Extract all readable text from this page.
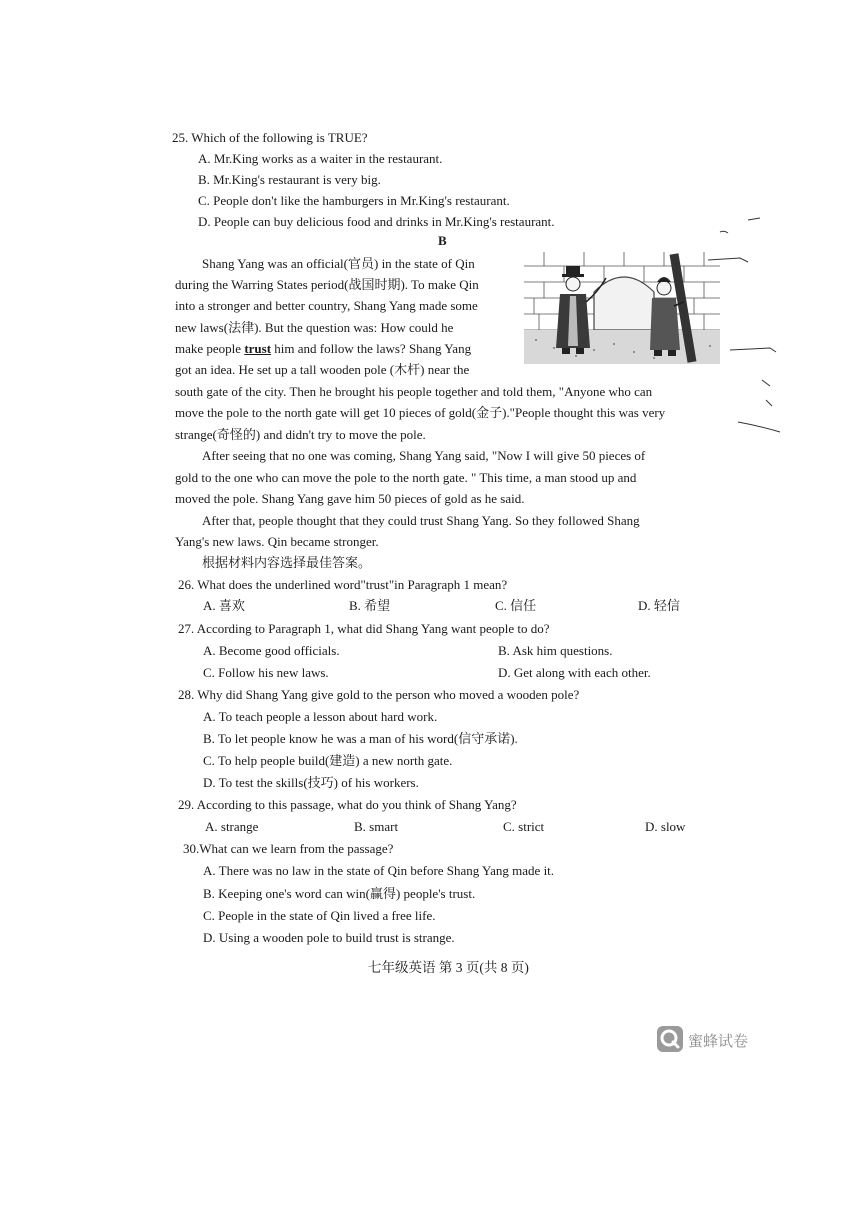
25. Which of the following is TRUE?
A. Mr.King works as a waiter in the restaurant.
B. Mr.King's restaurant is very big.
C. People don't like the hamburgers in Mr.King's restaurant.
D. People can buy delicious food and drinks in Mr.King's restaurant.
B
Shang Yang was an official(官员) in the state of Qin
during the Warring States period(战国时期). To make Qin
into a stronger and better country, Shang Yang made some
new laws(法律). But the question was: How could he
make people trust him and follow the laws? Shang Yang
got an idea. He set up a tall wooden pole (木杆) near the
south gate of the city. Then he brought his people together and told them, "Anyone who can
move the pole to the north gate will get 10 pieces of gold(金子)."People thought this was very
strange(奇怪的) and didn't try to move the pole.
After seeing that no one was coming, Shang Yang said, "Now I will give 50 pieces of
gold to the one who can move the pole to the north gate. " This time, a man stood up and
moved the pole. Shang Yang gave him 50 pieces of gold as he said.
After that, people thought that they could trust Shang Yang. So they followed Shang
Yang's new laws. Qin became stronger.
根据材料内容选择最佳答案。
26. What does the underlined word"trust"in Paragraph 1 mean?
A. 喜欢	B. 希望	C. 信任	D. 轻信
27. According to Paragraph 1, what did Shang Yang want people to do?
A. Become good officials.	B. Ask him questions.
C. Follow his new laws.	D. Get along with each other.
28. Why did Shang Yang give gold to the person who moved a wooden pole?
A. To teach people a lesson about hard work.
B. To let people know he was a man of his word(信守承诺).
C. To help people build(建造) a new north gate.
D. To test the skills(技巧) of his workers.
29. According to this passage, what do you think of Shang Yang?
A. strange	B. smart	C. strict	D. slow
30.What can we learn from the passage?
A. There was no law in the state of Qin before Shang Yang made it.
B. Keeping one's word can win(赢得) people's trust.
C. People in the state of Qin lived a free life.
D. Using a wooden pole to build trust is strange.
七年级英语 第 3 页(共 8 页)
蜜蜂试卷
